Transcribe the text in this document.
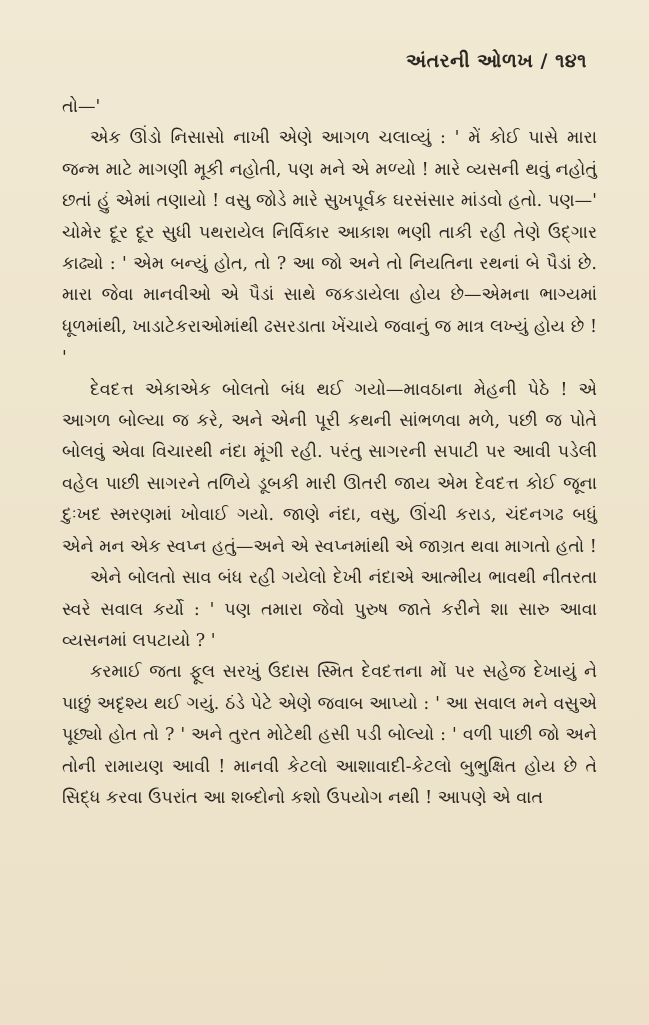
અંતરની ઓળખ / ૧૪૧

તો—'

એક ઊંડો નિસાસો નાખી એણે આગળ ચલાવ્યું : ' મેં કોઈ પાસે મારા જન્મ માટે માગણી મૂકી નહોતી, પણ મને એ મળ્યો ! મારે વ્યસની થવું નહોતું છતાં હું એમાં તણાયો ! વસુ જોડે મારે સુખપૂર્વક ઘરસંસાર માંડવો હતો. પણ—' ચોમેર દૂર દૂર સુધી પથરાયેલ નિર્વિકાર આકાશ ભણી તાકી રહી તેણે ઉદ્ગાર કાઢ્યો : ' એમ બન્યું હોત, તો ? આ જો અને તો નિયતિના રથનાં બે પૈડાં છે. મારા જેવા માનવીઓ એ પૈડાં સાથે જકડાયેલા હોય છે—એમના ભાગ્યમાં ધૂળમાંથી, ખાડાટેકરાઓમાંથી ઢસરડાતા ખેંચાયે જવાનું જ માત્ર લખ્યું હોય છે ! '

દેવદત્ત એકાએક બોલતો બંધ થઈ ગયો—માવઠાના મેહની પેઠે ! એ આગળ બોલ્યા જ કરે, અને એની પૂરી કથની સાંભળવા મળે, પછી જ પોતે બોલવું એવા વિચારથી નંદા મૂંગી રહી. પરંતુ સાગરની સપાટી પર આવી પડેલી વહેલ પાછી સાગરને તળિયે ડૂબકી મારી ઊતરી જાય એમ દેવદત્ત કોઈ જૂના દુઃખદ સ્મરણમાં ખોવાઈ ગયો. જાણે નંદા, વસુ, ઊંચી કરાડ, ચંદનગઢ બધું એને મન એક સ્વપ્ન હતું—અને એ સ્વપ્નમાંથી એ જાગ્રત થવા માગતો હતો !

એને બોલતો સાવ બંધ રહી ગયેલો દેખી નંદાએ આત્મીય ભાવથી નીતરતા સ્વરે સવાલ કર્યો : ' પણ તમારા જેવો પુરુષ જાતે કરીને શા સારુ આવા વ્યસનમાં લપટાયો ? '

કરમાઈ જતા ફૂલ સરખું ઉદાસ સ્મિત દેવદત્તના મોં પર સહેજ દેખાયું ને પાછું અદૃશ્ય થઈ ગયું. ઠંડે પેટે એણે જવાબ આપ્યો : ' આ સવાલ મને વસુએ પૂછ્યો હોત તો ? ' અને તુરત મોટેથી હસી પડી બોલ્યો : ' વળી પાછી જો અને તોની રામાયણ આવી ! માનવી કેટલો આશાવાદી-કેટલો બુભુક્ષિત હોય છે તે સિદ્ધ કરવા ઉપરાંત આ શબ્દોનો કશો ઉપયોગ નથી ! આપણે એ વાત
